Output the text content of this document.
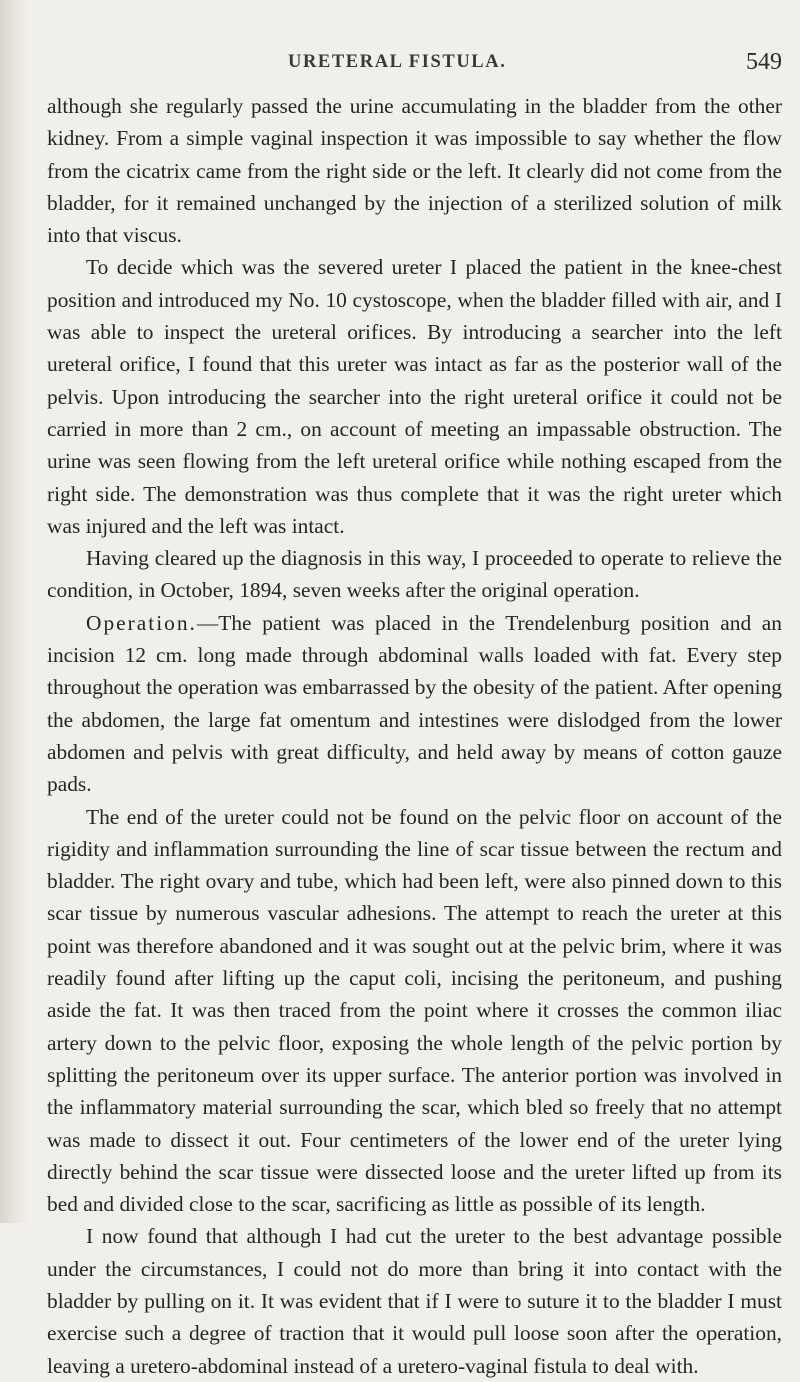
URETERAL FISTULA.	549

although she regularly passed the urine accumulating in the bladder from the other kidney. From a simple vaginal inspection it was impossible to say whether the flow from the cicatrix came from the right side or the left. It clearly did not come from the bladder, for it remained unchanged by the injection of a sterilized solution of milk into that viscus.

To decide which was the severed ureter I placed the patient in the knee-chest position and introduced my No. 10 cystoscope, when the bladder filled with air, and I was able to inspect the ureteral orifices. By introducing a searcher into the left ureteral orifice, I found that this ureter was intact as far as the posterior wall of the pelvis. Upon introducing the searcher into the right ureteral orifice it could not be carried in more than 2 cm., on account of meeting an impassable obstruction. The urine was seen flowing from the left ureteral orifice while nothing escaped from the right side. The demonstration was thus complete that it was the right ureter which was injured and the left was intact.

Having cleared up the diagnosis in this way, I proceeded to operate to relieve the condition, in October, 1894, seven weeks after the original operation.

Operation.—The patient was placed in the Trendelenburg position and an incision 12 cm. long made through abdominal walls loaded with fat. Every step throughout the operation was embarrassed by the obesity of the patient. After opening the abdomen, the large fat omentum and intestines were dislodged from the lower abdomen and pelvis with great difficulty, and held away by means of cotton gauze pads.

The end of the ureter could not be found on the pelvic floor on account of the rigidity and inflammation surrounding the line of scar tissue between the rectum and bladder. The right ovary and tube, which had been left, were also pinned down to this scar tissue by numerous vascular adhesions. The attempt to reach the ureter at this point was therefore abandoned and it was sought out at the pelvic brim, where it was readily found after lifting up the caput coli, incising the peritoneum, and pushing aside the fat. It was then traced from the point where it crosses the common iliac artery down to the pelvic floor, exposing the whole length of the pelvic portion by splitting the peritoneum over its upper surface. The anterior portion was involved in the inflammatory material surrounding the scar, which bled so freely that no attempt was made to dissect it out. Four centimeters of the lower end of the ureter lying directly behind the scar tissue were dissected loose and the ureter lifted up from its bed and divided close to the scar, sacrificing as little as possible of its length.

I now found that although I had cut the ureter to the best advantage possible under the circumstances, I could not do more than bring it into contact with the bladder by pulling on it. It was evident that if I were to suture it to the bladder I must exercise such a degree of traction that it would pull loose soon after the operation, leaving a uretero-abdominal instead of a uretero-vaginal fistula to deal with.
